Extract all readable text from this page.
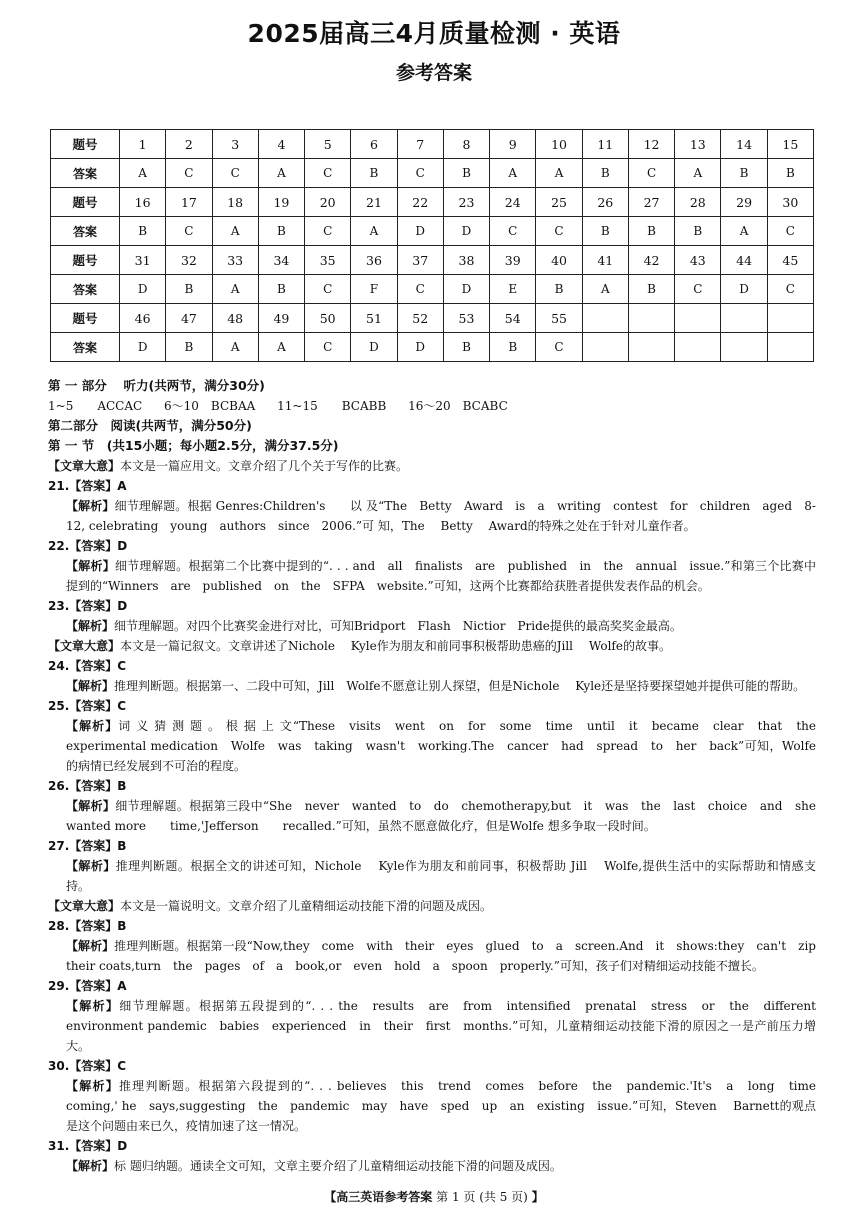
2025届高三4月质量检测 · 英语
参考答案
题号	1	2	3	4	5	6	7	8	9	10	11	12	13	14	15
答案	A	C	C	A	C	B	C	B	A	A	B	C	A	B	B
题号	16	17	18	19	20	21	22	23	24	25	26	27	28	29	30
答案	B	C	A	B	C	A	D	D	C	C	B	B	B	A	C
题号	31	32	33	34	35	36	37	38	39	40	41	42	43	44	45
答案	D	B	A	B	C	F	C	D	E	B	A	B	C	D	C
题号	46	47	48	49	50	51	52	53	54	55					
答案	D	B	A	A	C	D	D	B	B	C					
第 一 部分　 听力(共两节，满分30分)
1~5　　ACCAC 6～10　BCBAA 11~15　　BCABB 16～20　BCABC
第二部分　阅读(共两节，满分50分)
第 一 节　(共15小题；每小题2.5分，满分37.5分)
【文章大意】本文是一篇应用文。文章介绍了几个关于写作的比赛。
21.【答案】A
【解析】细节理解题。根据 Genres:Children's　　以 及“The　Betty　Award　is　a　writing　contest　for　children　aged　8-12, celebrating　young　authors　since　2006.”可 知，The　 Betty　 Award的特殊之处在于针对儿童作者。
22.【答案】D
【解析】细节理解题。根据第二个比赛中提到的“. . . and　all　finalists　are　published　in　the　annual　issue.”和第三个比赛中提到的“Winners　are　published　on　the　SFPA　website.”可知，这两个比赛都给获胜者提供发表作品的机会。
23.【答案】D
【解析】细节理解题。对四个比赛奖金进行对比，可知Bridport　Flash　Nictior　Pride提供的最高奖奖金最高。
【文章大意】本文是一篇记叙文。文章讲述了Nichole　 Kyle作为朋友和前同事积极帮助患癌的Jill　 Wolfe的故事。
24.【答案】C
【解析】推理判断题。根据第一、二段中可知，Jill　Wolfe不愿意让别人探望，但是Nichole　 Kyle还是坚持要探望她并提供可能的帮助。
25.【答案】C
【解析】词 义 猜 测 题 。 根 据 上 文“These　visits　went　on　for　some　time　until　it　became　clear　that　the　experimental medication　Wolfe　was　taking　wasn't　working.The　cancer　had　spread　to　her　back”可知，Wolfe 的病情已经发展到不可治的程度。
26.【答案】B
【解析】细节理解题。根据第三段中“She　never　wanted　to　do　chemotherapy,but　it　was　the　last　choice　and　she　wanted more　　time,'Jefferson　　recalled.”可知，虽然不愿意做化疗，但是Wolfe 想多争取一段时间。
27.【答案】B
【解析】推理判断题。根据全文的讲述可知，Nichole　 Kyle作为朋友和前同事，积极帮助 Jill　 Wolfe,提供生活中的实际帮助和情感支持。
【文章大意】本文是一篇说明文。文章介绍了儿童精细运动技能下滑的问题及成因。
28.【答案】B
【解析】推理判断题。根据第一段“Now,they　come　with　their　eyes　glued　to　a　screen.And　it　shows:they　can't　zip　their coats,turn　the　pages　of　a　book,or　even　hold　a　spoon　properly.”可知，孩子们对精细运动技能不擅长。
29.【答案】A
【解析】细节理解题。根据第五段提到的“. . . the　results　are　from　intensified　prenatal　stress　or　the　different　environment pandemic　babies　experienced　in　their　first　months.”可知，儿童精细运动技能下滑的原因之一是产前压力增大。
30.【答案】C
【解析】推理判断题。根据第六段提到的“. . . believes　this　trend　comes　before　the　pandemic.'It's　a　long　time　coming,' he　says,suggesting　the　pandemic　may　have　sped　up　an　existing　issue.”可知，Steven　 Barnett的观点是这个问题由来已久，疫情加速了这一情况。
31.【答案】D
【解析】标 题归纳题。通读全文可知，文章主要介绍了儿童精细运动技能下滑的问题及成因。
【高三英语参考答案 第 1 页 (共 5 页) 】
